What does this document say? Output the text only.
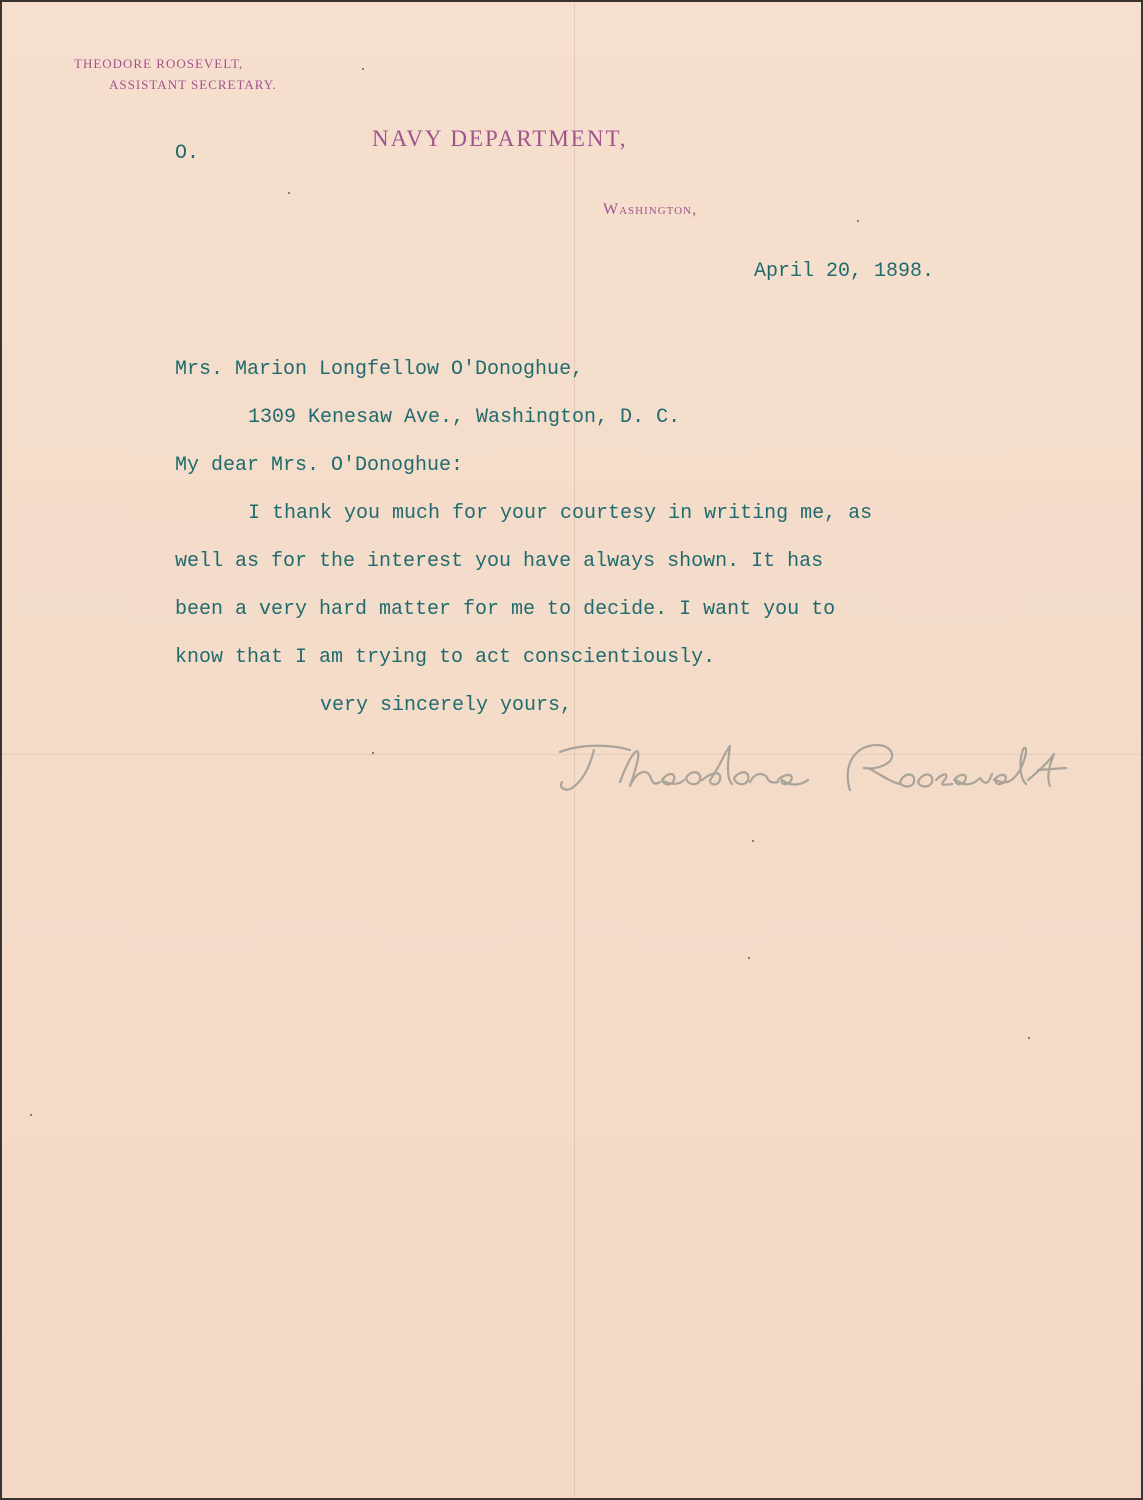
THEODORE ROOSEVELT,
ASSISTANT SECRETARY.
NAVY DEPARTMENT,
Washington,
O.
April 20, 1898.
Mrs. Marion Longfellow O'Donoghue,
1309 Kenesaw Ave., Washington, D. C.
My dear Mrs. O'Donoghue:
I thank you much for your courtesy in writing me, as
well as for the interest you have always shown. It has
been a very hard matter for me to decide. I want you to
know that I am trying to act conscientiously.
very sincerely yours,
